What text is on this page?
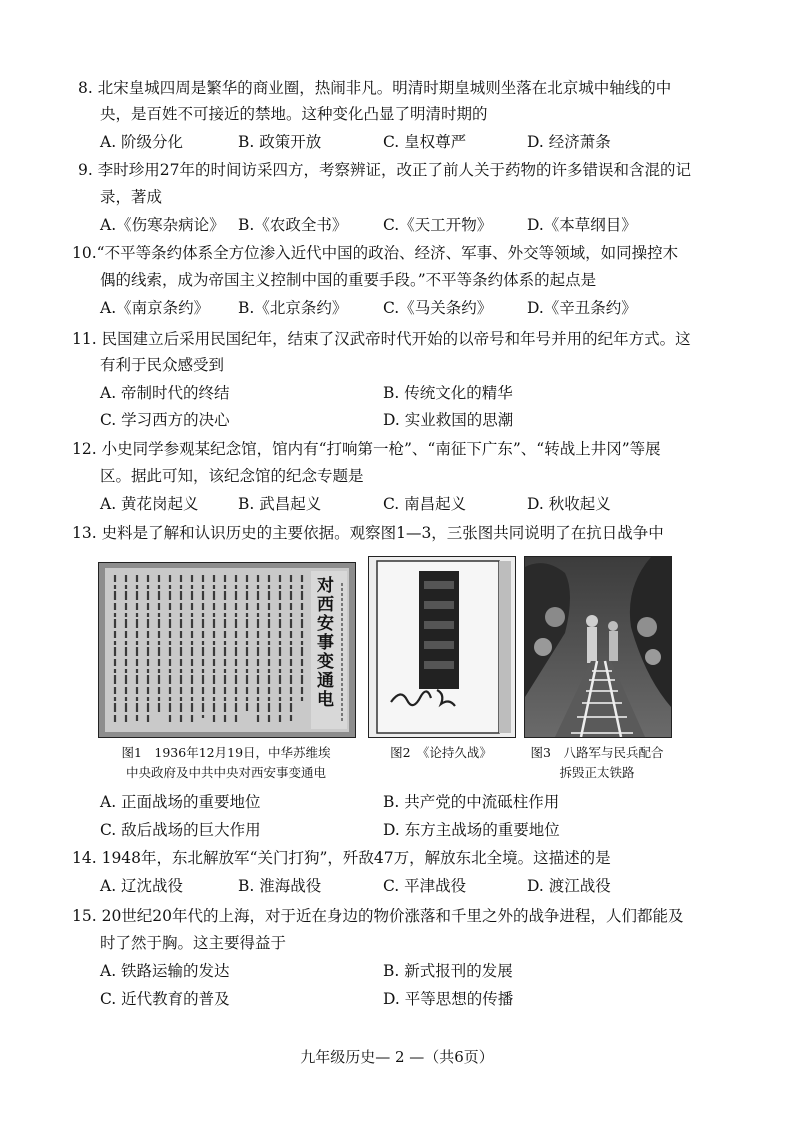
8. 北宋皇城四周是繁华的商业圈，热闹非凡。明清时期皇城则坐落在北京城中轴线的中
央，是百姓不可接近的禁地。这种变化凸显了明清时期的
A. 阶级分化	B. 政策开放	C. 皇权尊严	D. 经济萧条
9. 李时珍用27年的时间访采四方，考察辨证，改正了前人关于药物的许多错误和含混的记
录，著成
A.《伤寒杂病论》 B.《农政全书》 C.《天工开物》 D.《本草纲目》
10.“不平等条约体系全方位渗入近代中国的政治、经济、军事、外交等领域，如同操控木
偶的线索，成为帝国主义控制中国的重要手段。”不平等条约体系的起点是
A.《南京条约》 B.《北京条约》 C.《马关条约》 D.《辛丑条约》
11. 民国建立后采用民国纪年，结束了汉武帝时代开始的以帝号和年号并用的纪年方式。这
有利于民众感受到
A. 帝制时代的终结	B. 传统文化的精华
C. 学习西方的决心	D. 实业救国的思潮
12. 小史同学参观某纪念馆，馆内有“打响第一枪”、“南征下广东”、“转战上井冈”等展
区。据此可知，该纪念馆的纪念专题是
A. 黄花岗起义	B. 武昌起义	C. 南昌起义	D. 秋收起义
13. 史料是了解和认识历史的主要依据。观察图1—3，三张图共同说明了在抗日战争中
对西安事变通电
图1　1936年12月19日，中华苏维埃
中央政府及中共中央对西安事变通电
图2　《论持久战》	图3　八路军与民兵配合
拆毁正太铁路
A. 正面战场的重要地位	B. 共产党的中流砥柱作用
C. 敌后战场的巨大作用	D. 东方主战场的重要地位
14. 1948年，东北解放军“关门打狗”，歼敌47万，解放东北全境。这描述的是
A. 辽沈战役	B. 淮海战役	C. 平津战役	D. 渡江战役
15. 20世纪20年代的上海，对于近在身边的物价涨落和千里之外的战争进程，人们都能及
时了然于胸。这主要得益于
A. 铁路运输的发达	B. 新式报刊的发展
C. 近代教育的普及	D. 平等思想的传播
九年级历史— 2 —（共6页）
